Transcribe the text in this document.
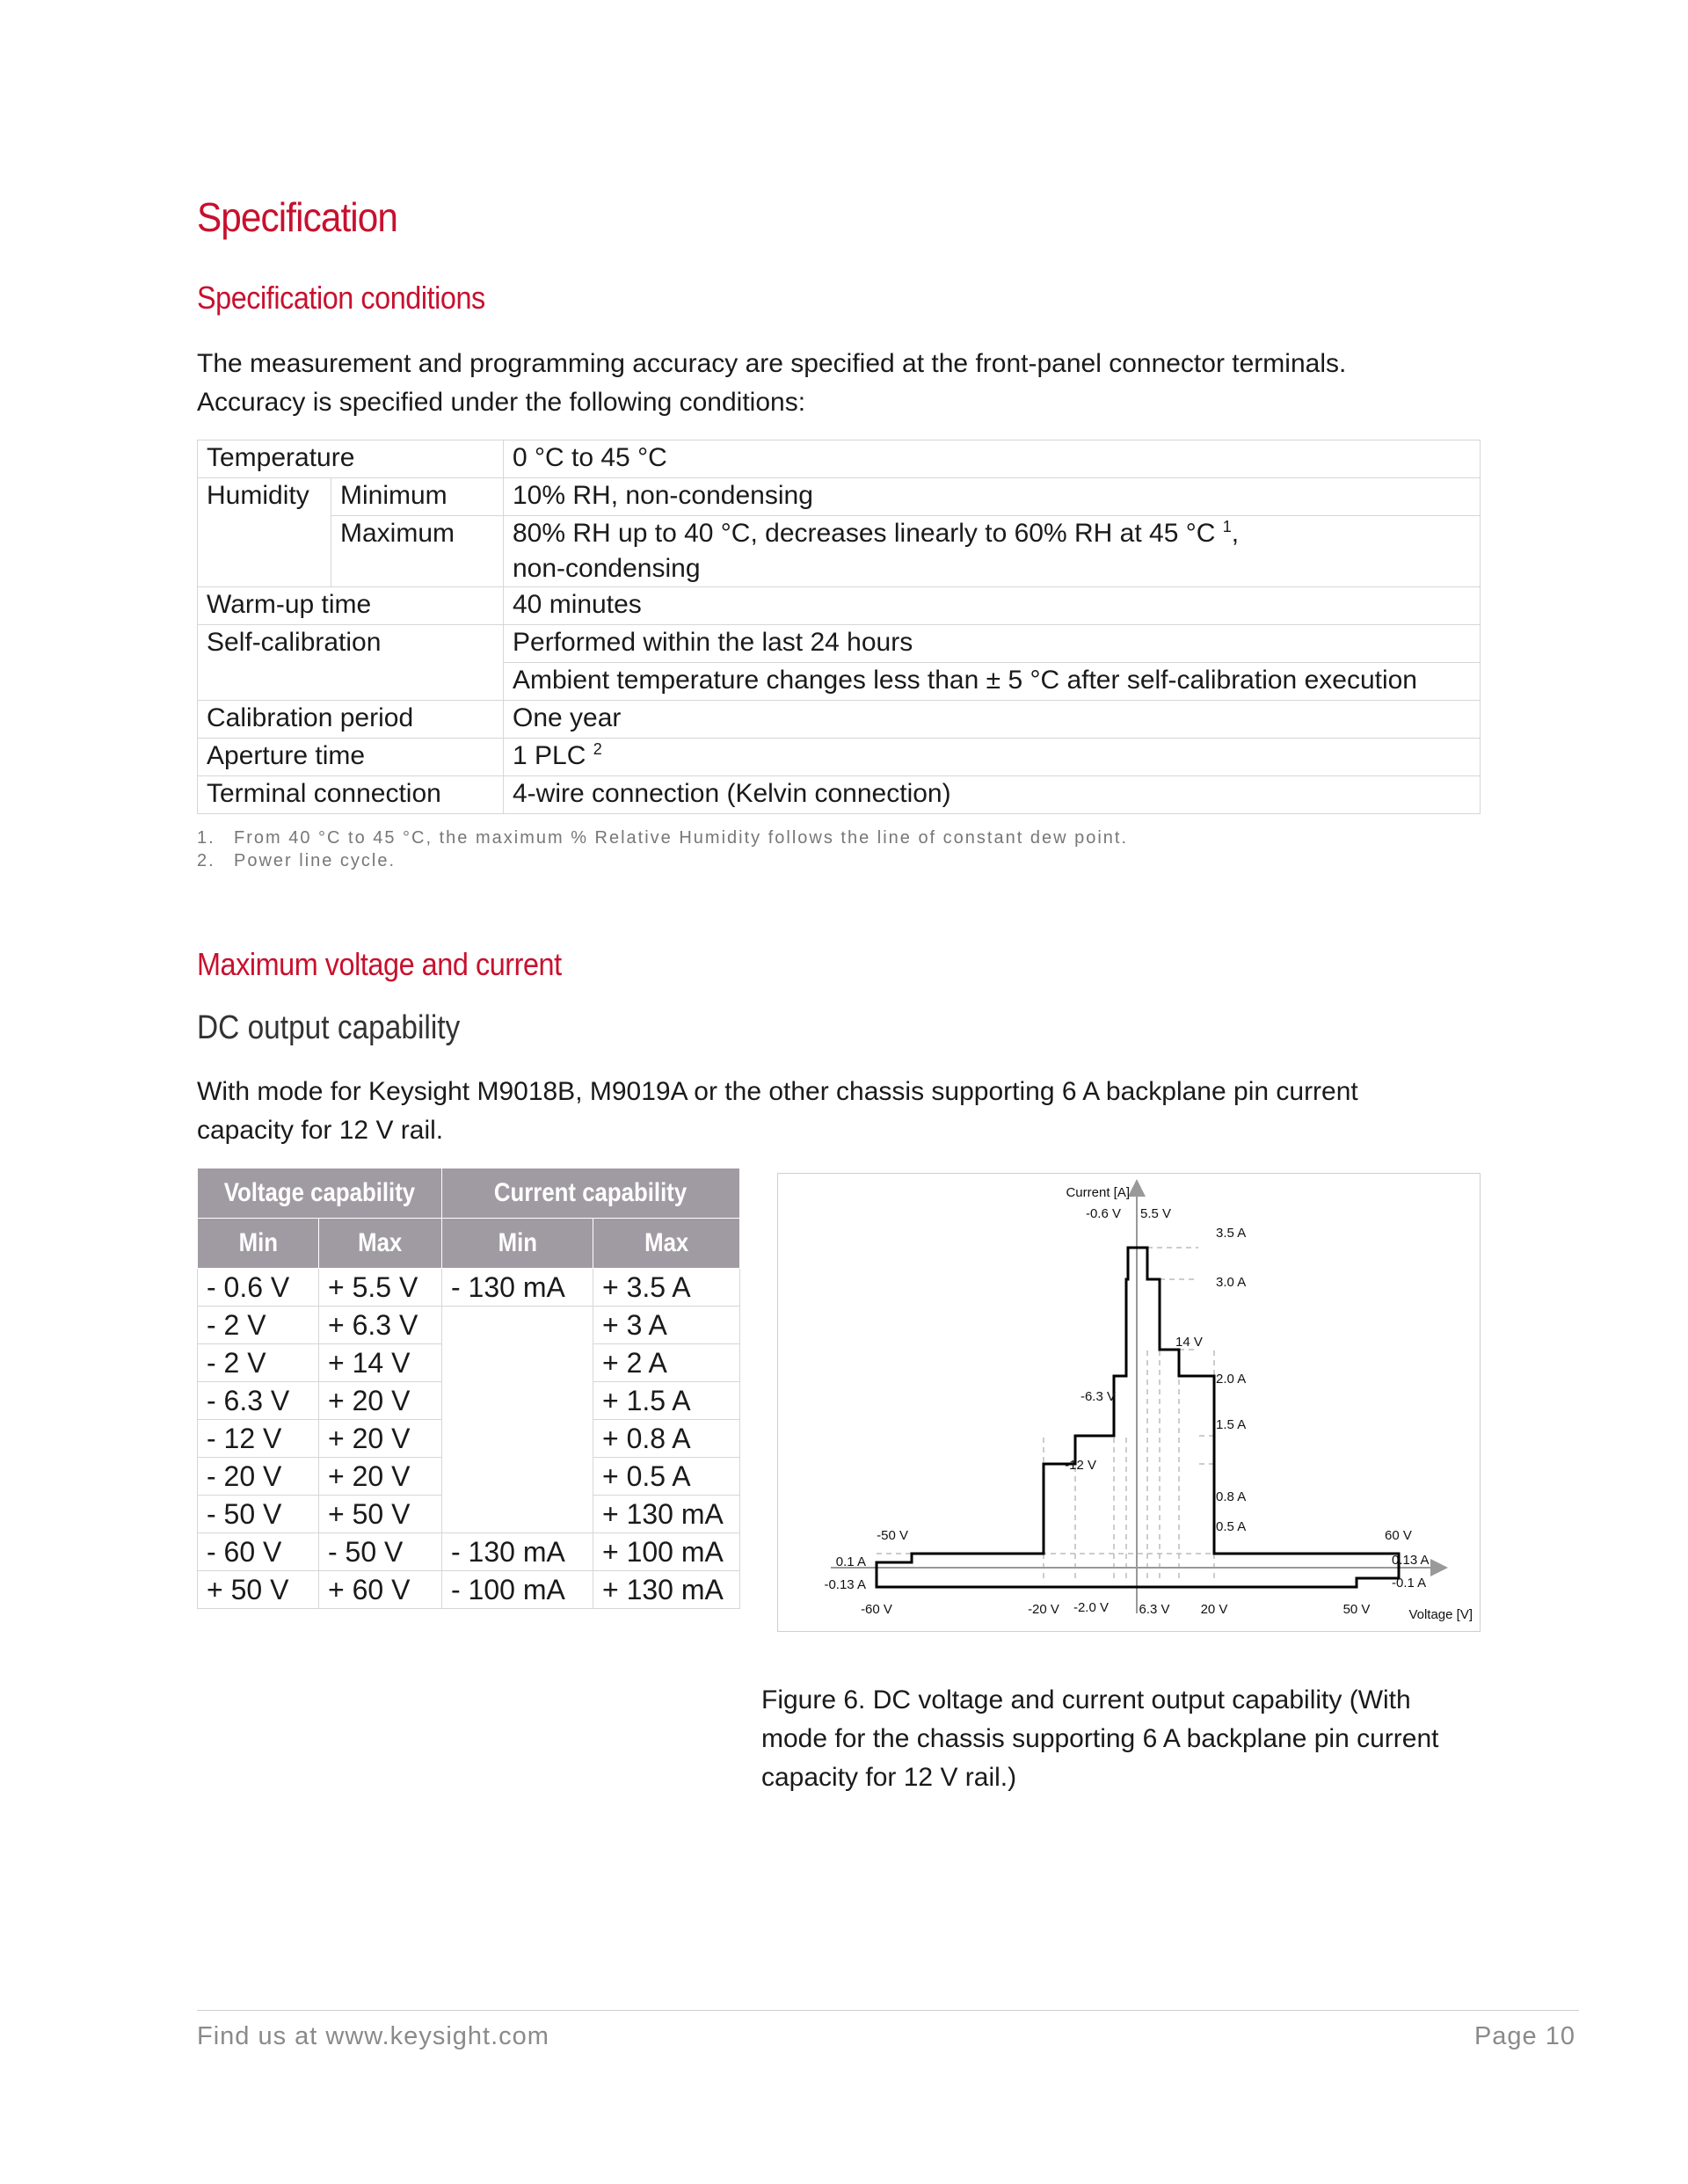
Specification
Specification conditions

The measurement and programming accuracy are specified at the front-panel connector terminals.
Accuracy is specified under the following conditions:

Temperature		0 °C to 45 °C
Humidity	Minimum	10% RH, non-condensing
	Maximum	80% RH up to 40 °C, decreases linearly to 60% RH at 45 °C $^1$,
non-condensing
Warm-up time		40 minutes
Self-calibration		Performed within the last 24 hours
		Ambient temperature changes less than ± 5 °C after self-calibration execution
Calibration period		One year
Aperture time		1 PLC $^2$
Terminal connection		4-wire connection (Kelvin connection)
1. From 40 °C to 45 °C, the maximum % Relative Humidity follows the line of constant dew point.
2. Power line cycle.
Maximum voltage and current
DC output capability

With mode for Keysight M9018B, M9019A or the other chassis supporting 6 A backplane pin current
capacity for 12 V rail.

Voltage capability		Current capability	
Min	Max	Min	Max
- 0.6 V	+ 5.5 V	- 130 mA	+ 3.5 A
- 2 V	+ 6.3 V		+ 3 A
- 2 V	+ 14 V		+ 2 A
- 6.3 V	+ 20 V		+ 1.5 A
- 12 V	+ 20 V		+ 0.8 A
- 20 V	+ 20 V		+ 0.5 A
- 50 V	+ 50 V		+ 130 mA
- 60 V	- 50 V	- 130 mA	+ 100 mA
+ 50 V	+ 60 V	- 100 mA	+ 130 mA
Current [A]
Voltage [V]
-0.6 V 5.5 V
3.5 A
3.0 A
14 V
2.0 A
-6.3 V
1.5 A
-12 V
0.8 A
0.5 A
-50 V	60 V
0.1 A	0.13 A
-0.13 A	-0.1 A
-60 V	-20 V -2.0 V 6.3 V 20 V	50 V

Figure 6. DC voltage and current output capability (With
mode for the chassis supporting 6 A backplane pin current
capacity for 12 V rail.)

Find us at www.keysight.com	Page 10
